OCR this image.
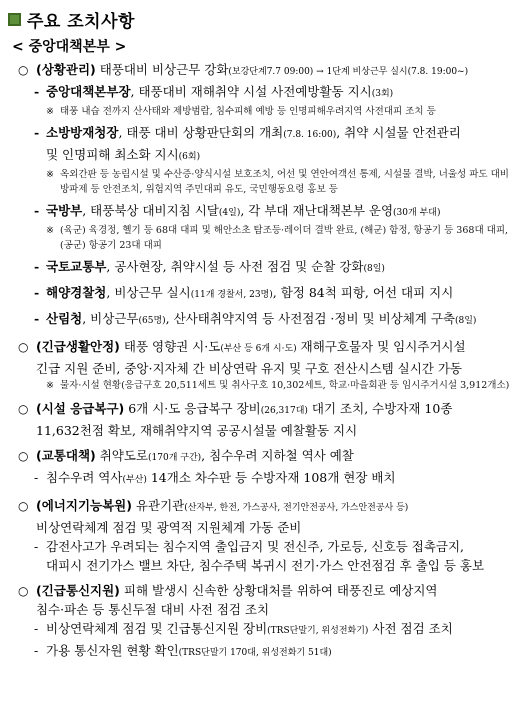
주요 조치사항
< 중앙대책본부 >
○ (상황관리) 태풍대비 비상근무 강화(보강단계7.7 09:00) → 1단계 비상근무 실시(7.8. 19:00~)
- 중앙대책본부장, 태풍대비 재해취약 시설 사전예방활동 지시(3회)
※ 태풍 내습 전까지 산사태와 제방범람, 침수피해 예방 등 인명피해우려지역 사전대피 조치 등
- 소방방재청장, 태풍 대비 상황판단회의 개최(7.8. 16:00), 취약 시설물 안전관리
및 인명피해 최소화 지시(6회)
※ 옥외간판 등 농림시설 및 수산증·양식시설 보호조치, 어선 및 연안여객선 통제, 시설물 결박, 너울성 파도 대비 방파제 등 안전조치, 위험지역 주민대피 유도, 국민행동요령 홍보 등
- 국방부, 태풍북상 대비지침 시달(4일), 각 부대 재난대책본부 운영(30개 부대)
※ (육군) 육경정, 헬기 등 68대 대피 및 해안소초 탐조등·레이더 결박 완료, (해군) 함정, 항공기 등 368대 대피, (공군) 항공기 23대 대피
- 국토교통부, 공사현장, 취약시설 등 사전 점검 및 순찰 강화(8일)
- 해양경찰청, 비상근무 실시(11개 경찰서, 23명), 함정 84척 피항, 어선 대피 지시
- 산림청, 비상근무(65명), 산사태취약지역 등 사전점검 ·정비 및 비상체계 구축(8일)
○ (긴급생활안정) 태풍 영향권 시·도(부산 등 6개 시·도) 재해구호물자 및 임시주거시설
긴급 지원 준비, 중앙·지자체 간 비상연락 유지 및 구호 전산시스템 실시간 가동
※ 물자·시설 현황(응급구호 20,511세트 및 취사구호 10,302세트, 학교·마을회관 등 임시주거시설 3,912개소)
○ (시설 응급복구) 6개 시·도 응급복구 장비(26,317대) 대기 조치, 수방자재 10종
11,632천점 확보, 재해취약지역 공공시설물 예찰활동 지시
○ (교통대책) 취약도로(170개 구간), 침수우려 지하철 역사 예찰
- 침수우려 역사(부산) 14개소 차수판 등 수방자재 108개 현장 배치
○ (에너지기능복원) 유관기관(산자부, 한전, 가스공사, 전기안전공사, 가스안전공사 등)
비상연락체계 점검 및 광역적 지원체계 가동 준비
- 감전사고가 우려되는 침수지역 출입금지 및 전신주, 가로등, 신호등 접촉금지,
대피시 전기가스 밸브 차단, 침수주택 복귀시 전기·가스 안전점검 후 출입 등 홍보
○ (긴급통신지원) 피해 발생시 신속한 상황대처를 위하여 태풍진로 예상지역
침수·파손 등 통신두절 대비 사전 점검 조치
- 비상연락체계 점검 및 긴급통신지원 장비(TRS단말기, 위성전화기) 사전 점검 조치
- 가용 통신자원 현황 확인(TRS단말기 170대, 위성전화기 51대)
